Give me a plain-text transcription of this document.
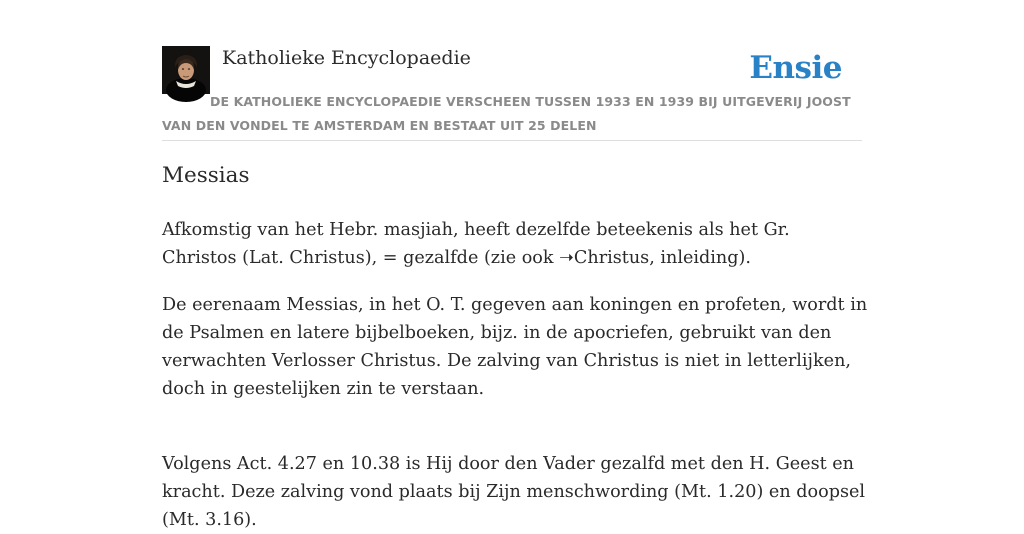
Katholieke Encyclopaedie	Ensie
DE KATHOLIEKE ENCYCLOPAEDIE VERSCHEEN TUSSEN 1933 EN 1939 BIJ UITGEVERIJ JOOST VAN DEN VONDEL TE AMSTERDAM EN BESTAAT UIT 25 DELEN
Messias

Afkomstig van het Hebr. masjiah, heeft dezelfde beteekenis als het Gr. Christos (Lat. Christus), = gezalfde (zie ook ➝Christus, inleiding).

De eerenaam Messias, in het O. T. gegeven aan koningen en profeten, wordt in de Psalmen en latere bijbelboeken, bijz. in de apocriefen, gebruikt van den verwachten Verlosser Christus. De zalving van Christus is niet in letterlijken, doch in geestelijken zin te verstaan.

Volgens Act. 4.27 en 10.38 is Hij door den Vader gezalfd met den H. Geest en kracht. Deze zalving vond plaats bij Zijn menschwording (Mt. 1.20) en doopsel (Mt. 3.16).
